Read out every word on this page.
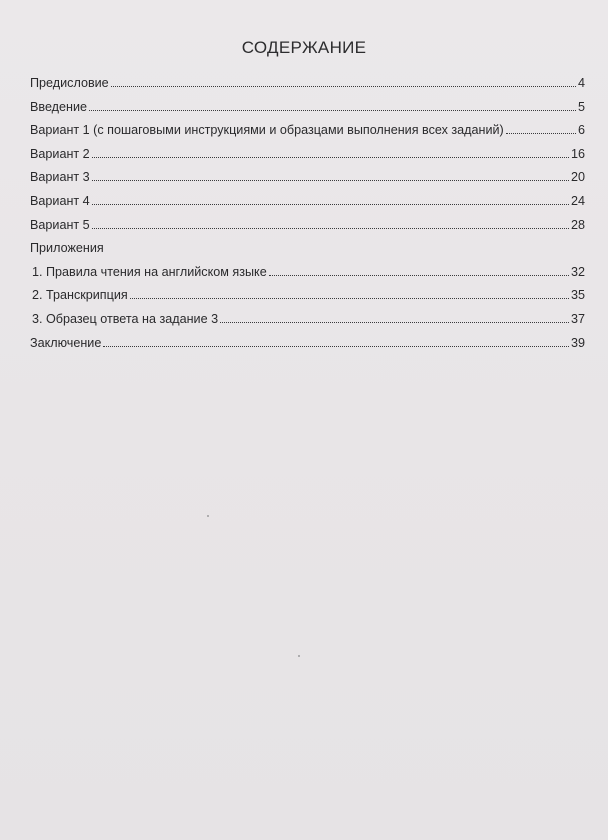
СОДЕРЖАНИЕ
Предисловие	4
Введение	5
Вариант 1 (с пошаговыми инструкциями и образцами выполнения всех заданий)	6
Вариант 2	16
Вариант 3	20
Вариант 4	24
Вариант 5	28
Приложения
1. Правила чтения на английском языке	32
2. Транскрипция	35
3. Образец ответа на задание 3	37
Заключение	39
